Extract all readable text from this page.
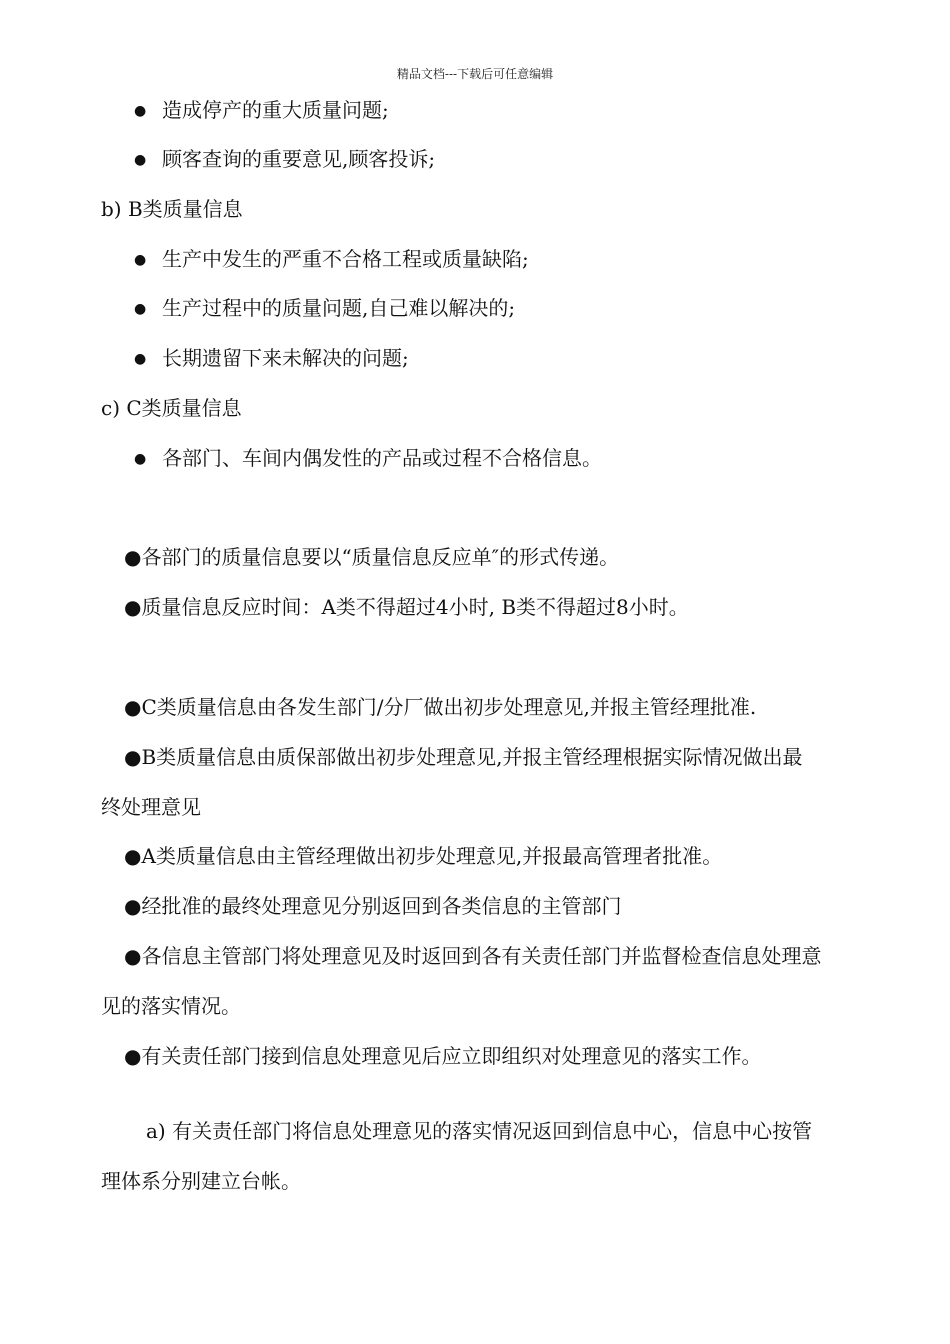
精品文档---下载后可任意编辑
● 造成停产的重大质量问题;
● 顾客查询的重要意见,顾客投诉;
b) B类质量信息
● 生产中发生的严重不合格工程或质量缺陷;
● 生产过程中的质量问题,自己难以解决的;
● 长期遗留下来未解决的问题;
c) C类质量信息
● 各部门、车间内偶发性的产品或过程不合格信息。
●各部门的质量信息要以“质量信息反应单″的形式传递。
●质量信息反应时间：A类不得超过4小时, B类不得超过8小时。
●C类质量信息由各发生部门/分厂做出初步处理意见,并报主管经理批准.
●B类质量信息由质保部做出初步处理意见,并报主管经理根据实际情况做出最
终处理意见
●A类质量信息由主管经理做出初步处理意见,并报最高管理者批准。
●经批准的最终处理意见分别返回到各类信息的主管部门
●各信息主管部门将处理意见及时返回到各有关责任部门并监督检查信息处理意
见的落实情况。
●有关责任部门接到信息处理意见后应立即组织对处理意见的落实工作。
a) 有关责任部门将信息处理意见的落实情况返回到信息中心，信息中心按管
理体系分别建立台帐。
